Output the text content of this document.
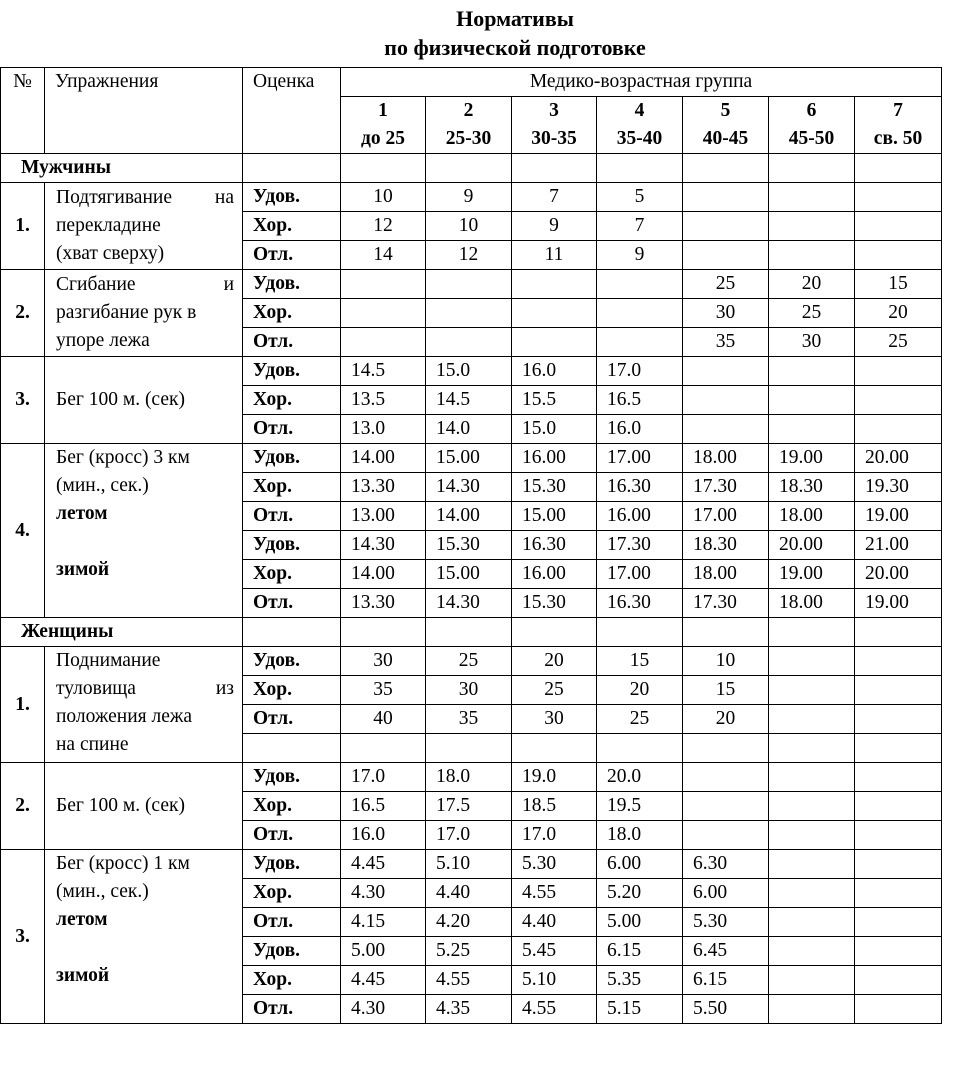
Нормативы
по физической подготовке
№	Упражнения	Оценка	Медико-возрастная группа						
			1	2	3	4	5	6	7
			до 25	25-30	30-35	35-40	40-45	45-50	св. 50
Мужчины									
1.	Подтягивание на
перекладине
(хват сверху)	Удов.	10	9	7	5			
		Хор.	12	10	9	7			
		Отл.	14	12	11	9			
2.	Сгибание и
разгибание рук в
упоре лежа	Удов.					25	20	15
		Хор.					30	25	20
		Отл.					35	30	25
3.	Бег 100 м. (сек)	Удов.	14.5	15.0	16.0	17.0			
		Хор.	13.5	14.5	15.5	16.5			
		Отл.	13.0	14.0	15.0	16.0			
4.	Бег (кросс) 3 км
(мин., сек.)
летом

зимой	Удов.	14.00	15.00	16.00	17.00	18.00	19.00	20.00
		Хор.	13.30	14.30	15.30	16.30	17.30	18.30	19.30
		Отл.	13.00	14.00	15.00	16.00	17.00	18.00	19.00
		Удов.	14.30	15.30	16.30	17.30	18.30	20.00	21.00
		Хор.	14.00	15.00	16.00	17.00	18.00	19.00	20.00
		Отл.	13.30	14.30	15.30	16.30	17.30	18.00	19.00
Женщины									
1.	Поднимание
туловища из
положения лежа
на спине	Удов.	30	25	20	15	10		
		Хор.	35	30	25	20	15		
		Отл.	40	35	30	25	20		

2.	Бег 100 м. (сек)	Удов.	17.0	18.0	19.0	20.0			
		Хор.	16.5	17.5	18.5	19.5			
		Отл.	16.0	17.0	17.0	18.0			
3.	Бег (кросс) 1 км
(мин., сек.)
летом

зимой	Удов.	4.45	5.10	5.30	6.00	6.30		
		Хор.	4.30	4.40	4.55	5.20	6.00		
		Отл.	4.15	4.20	4.40	5.00	5.30		
		Удов.	5.00	5.25	5.45	6.15	6.45		
		Хор.	4.45	4.55	5.10	5.35	6.15		
		Отл.	4.30	4.35	4.55	5.15	5.50		
